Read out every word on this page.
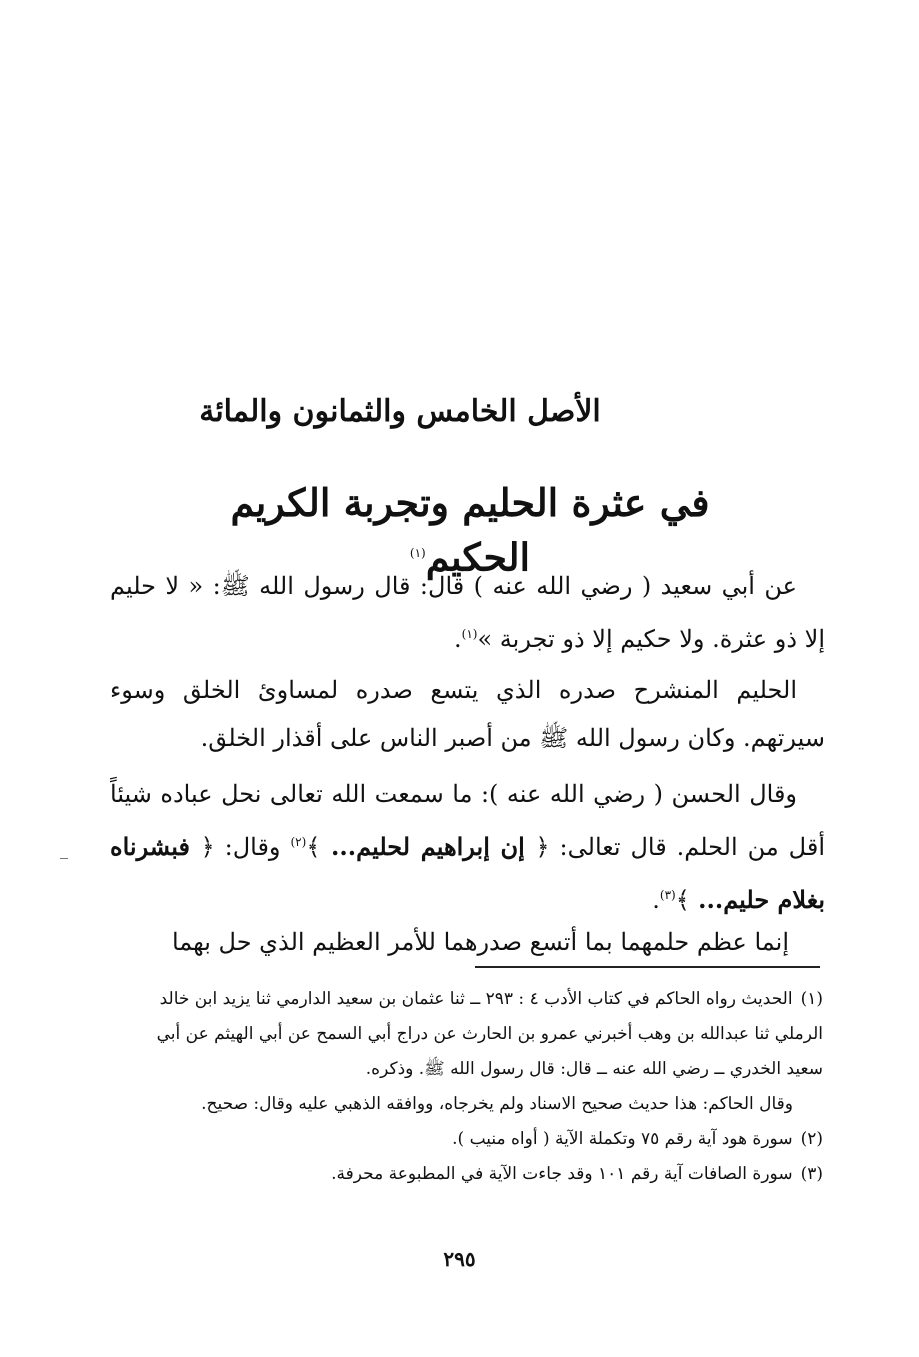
الأصل الخامس والثمانون والمائة
في عثرة الحليم وتجربة الكريم الحكيم$^{(١)}$
عن أبي سعيد ( رضي الله عنه ) قال: قال رسول الله ﷺ: « لا حليم إلا ذو عثرة. ولا حكيم إلا ذو تجربة »$^{(١)}$.
الحليم المنشرح صدره الذي يتسع صدره لمساوئ الخلق وسوء سيرتهم. وكان رسول الله ﷺ من أصبر الناس على أقذار الخلق.
وقال الحسن ( رضي الله عنه ): ما سمعت الله تعالى نحل عباده شيئاً أقل من الحلم. قال تعالى: ﴿ إن إبراهيم لحليم... ﴾$^{(٢)}$ وقال: ﴿ فبشرناه بغلام حليم... ﴾$^{(٣)}$.
إنما عظم حلمهما بما أتسع صدرهما للأمر العظيم الذي حل بهما

(١)الحديث رواه الحاكم في كتاب الأدب ٤ : ٢٩٣ ــ ثنا عثمان بن سعيد الدارمي ثنا يزيد ابن خالد الرملي ثنا عبدالله بن وهب أخبرني عمرو بن الحارث عن دراج أبي السمح عن أبي الهيثم عن أبي سعيد الخدري ــ رضي الله عنه ــ قال: قال رسول الله ﷺ. وذكره.

وقال الحاكم: هذا حديث صحيح الاسناد ولم يخرجاه، ووافقه الذهبي عليه وقال: صحيح.

(٢)سورة هود آية رقم ٧٥ وتكملة الآية ( أواه منيب ).

(٣)سورة الصافات آية رقم ١٠١ وقد جاءت الآية في المطبوعة محرفة.

٢٩٥
